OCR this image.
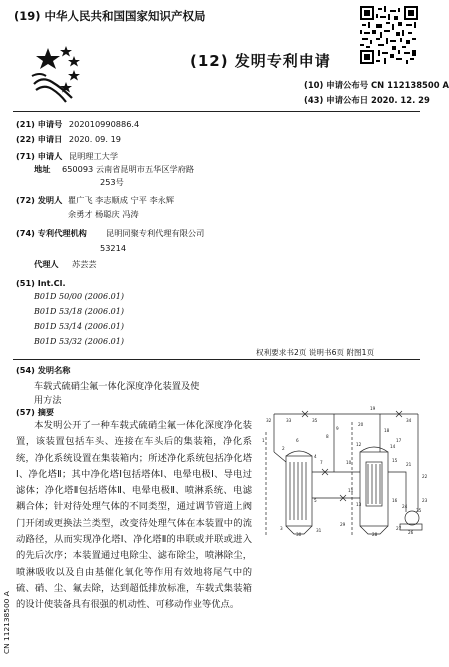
(19) 中华人民共和国国家知识产权局
(12) 发明专利申请
(10) 申请公布号 CN 112138500 A
(43) 申请公布日 2020. 12. 29
(21) 申请号 202010990886.4
(22) 申请日 2020. 09. 19
(71) 申请人 昆明理工大学
地址 650093 云南省昆明市五华区学府路
253号
(72) 发明人 瞿广飞 李志顺成 宁平 李永辉
余勇才 杨聪庆 冯涛
(74) 专利代理机构 昆明同聚专利代理有限公司
53214
代理人 苏芸芸
(51) Int.Cl.
B01D 50/00 (2006.01)
B01D 53/18 (2006.01)
B01D 53/14 (2006.01)
B01D 53/32 (2006.01)
权利要求书2页 说明书6页 附图1页
(54) 发明名称
车载式硫硝尘氟一体化深度净化装置及使
用方法
(57) 摘要
本发明公开了一种车载式硫硝尘氟一体化深度净化装置，该装置包括车头、连接在车头后的集装箱，净化系统，净化系统设置在集装箱内；所述净化系统包括净化塔Ⅰ、净化塔Ⅱ；其中净化塔Ⅰ包括塔体Ⅰ、电晕电极Ⅰ、导电过滤体；净化塔Ⅱ包括塔体Ⅱ、电晕电极Ⅱ、喷淋系统、电滤耦合体；针对待处理气体的不同类型，通过调节管道上阀门开闭或更换法兰类型，改变待处理气体在本装置中的流动路径，从而实现净化塔Ⅰ、净化塔Ⅱ的串联或并联或进入的先后次序；本装置通过电除尘、滤布除尘，喷淋除尘，喷淋吸收以及自由基催化氧化等作用有效地将尾气中的硫、硝、尘、氟去除，达到超低排放标准，车载式集装箱的设计使装备具有很强的机动性、可移动作业等优点。
CN 112138500 A
1
2
3
4
5
6
7
8
9
10
11
12
13
14
15
16
17
18
19
20
21
22
23
24
25
26
27
28
29
30
31
32	33	34
35
